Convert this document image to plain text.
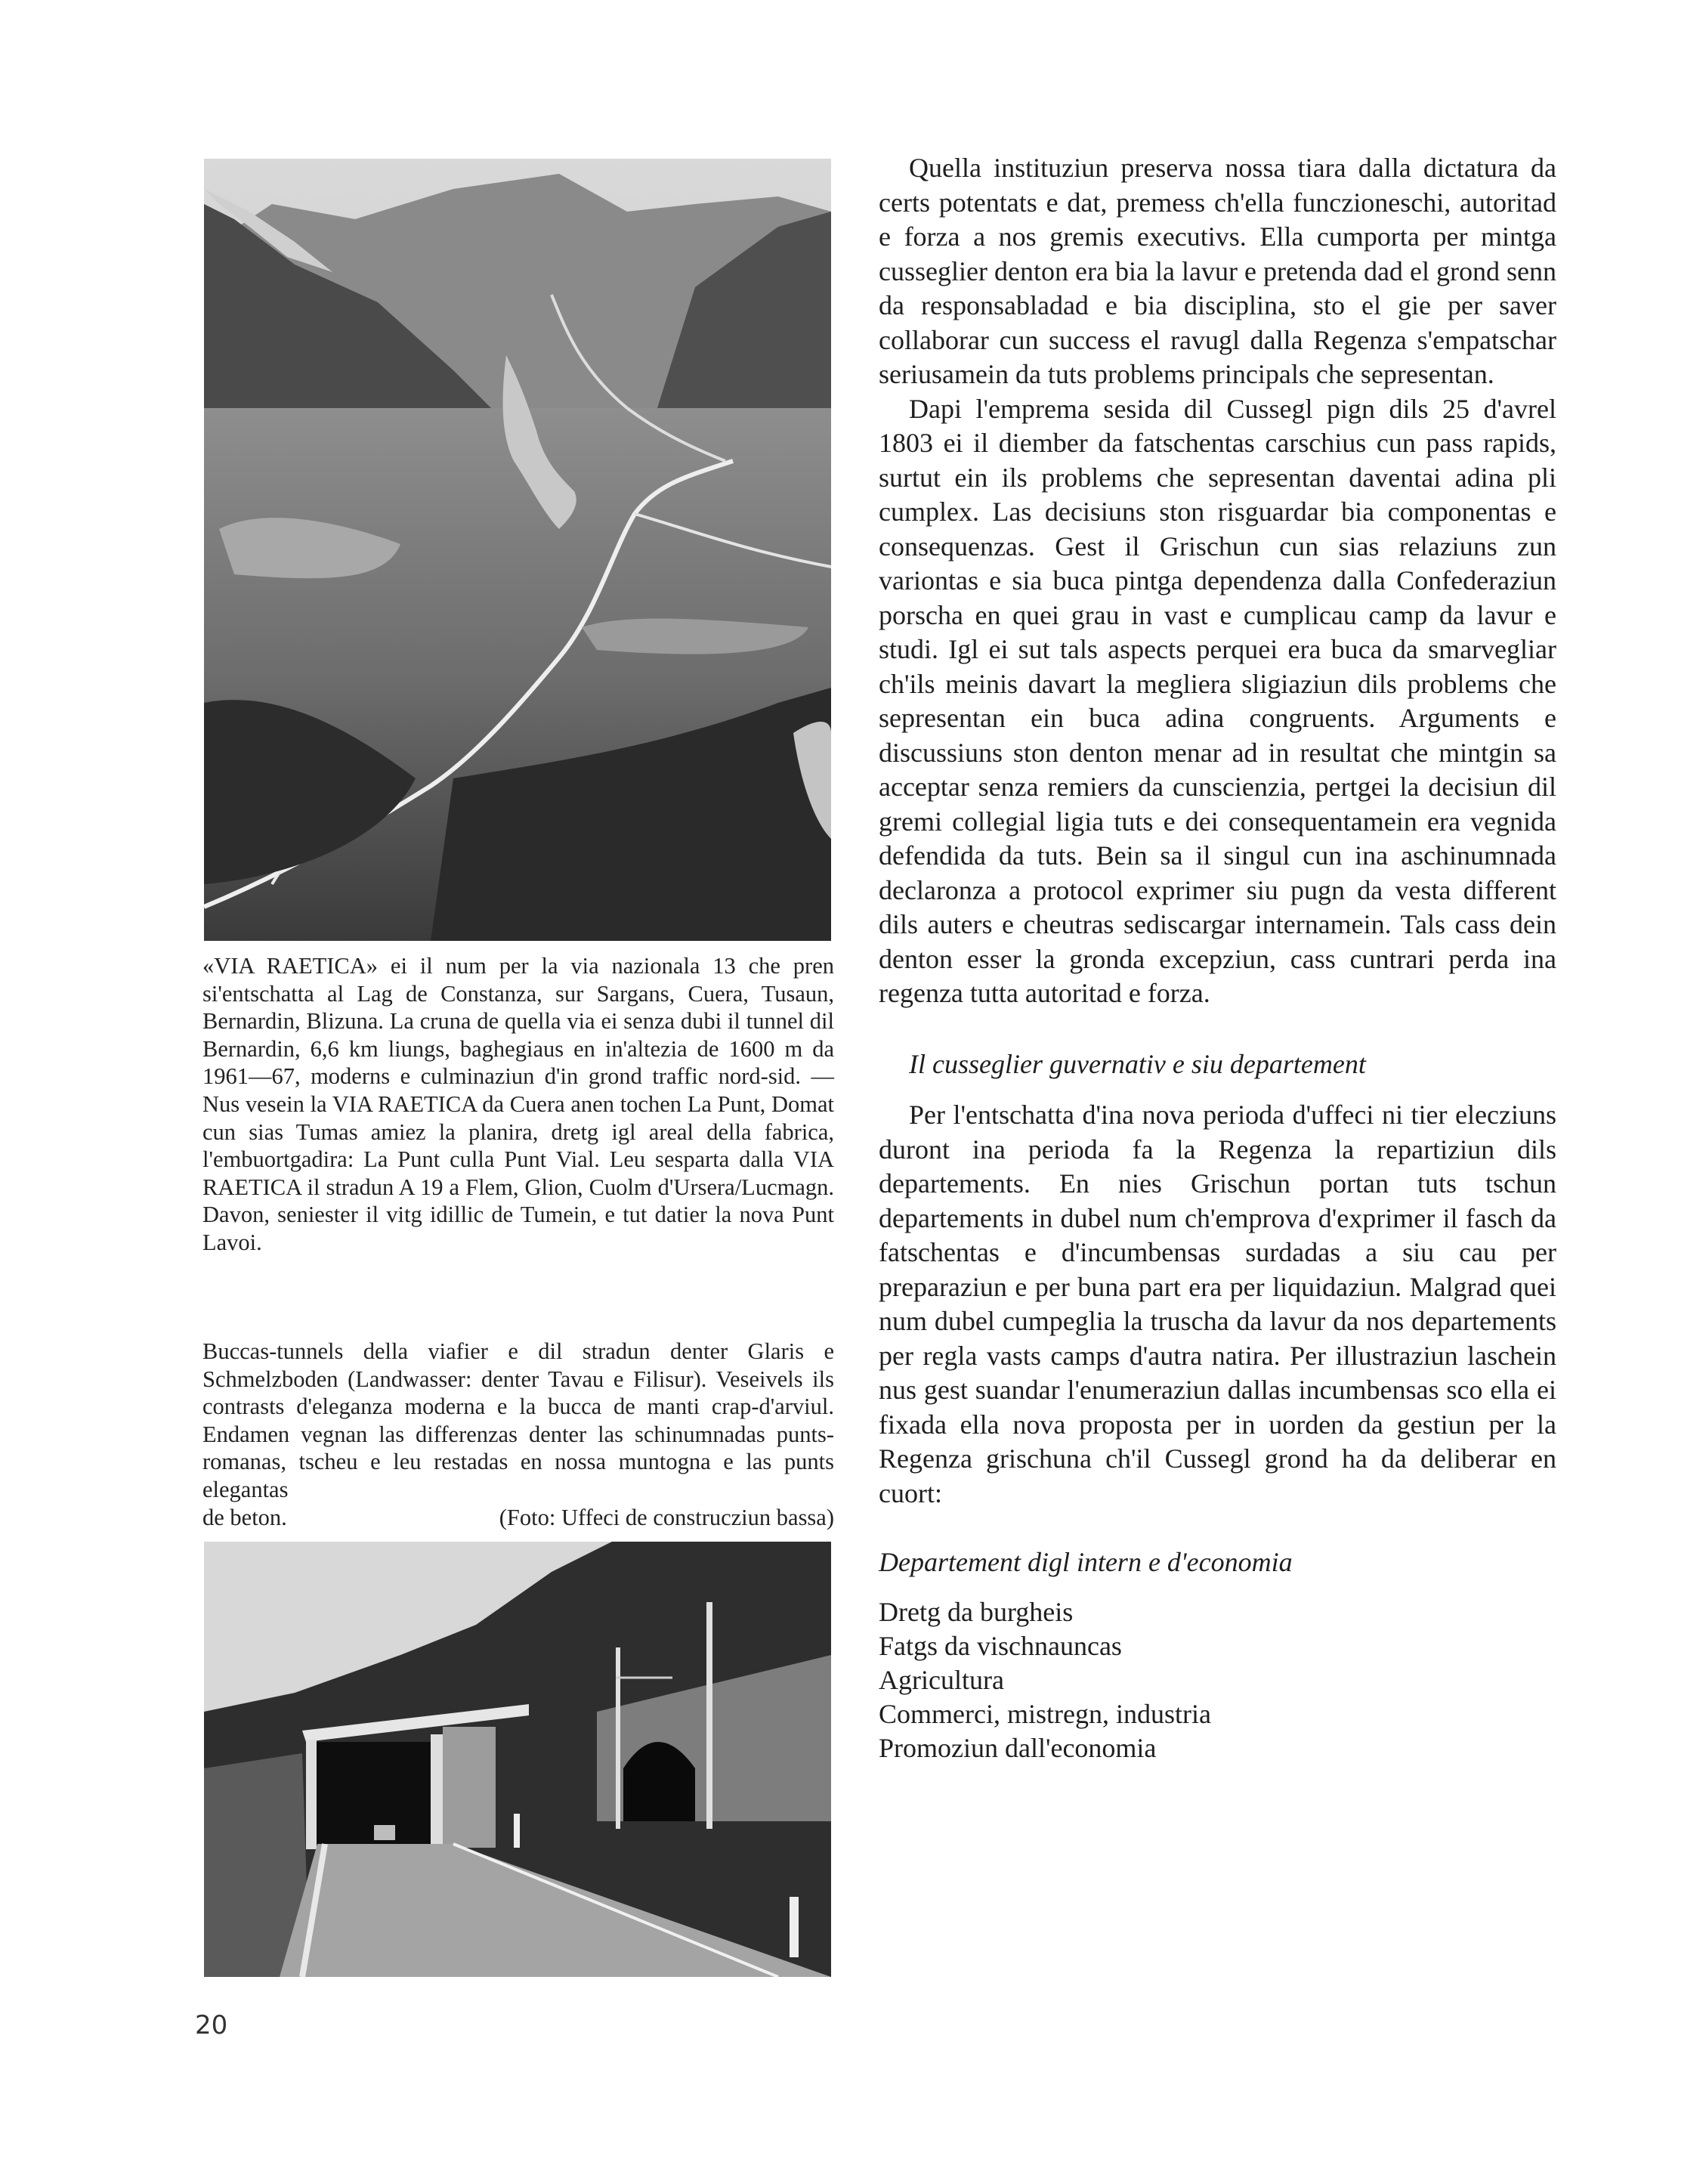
«VIA RAETICA» ei il num per la via nazionala 13 che pren si'entschatta al Lag de Constanza, sur Sargans, Cuera, Tusaun, Bernardin, Blizuna. La cruna de quella via ei senza dubi il tunnel dil Bernardin, 6,6 km liungs, baghegiaus en in'altezia de 1600 m da 1961—67, moderns e culminaziun d'in grond traffic nord-sid. — Nus vesein la VIA RAETICA da Cuera anen tochen La Punt, Domat cun sias Tumas amiez la planira, dretg igl areal della fabrica, l'embuortgadira: La Punt culla Punt Vial. Leu sesparta dalla VIA RAETICA il stradun A 19 a Flem, Glion, Cuolm d'Ursera/Lucmagn. Davon, seniester il vitg idillic de Tumein, e tut datier la nova Punt Lavoi.

Buccas-tunnels della viafier e dil stradun denter Glaris e Schmelzboden (Landwasser: denter Tavau e Filisur). Veseivels ils contrasts d'eleganza moderna e la bucca de manti crap-d'arviul. Endamen vegnan las differenzas denter las schinumnadas punts-romanas, tscheu e leu restadas en nossa muntogna e las punts elegantas

de beton.	(Foto: Uffeci de construcziun bassa)
20

Quella instituziun preserva nossa tiara dalla dictatura da certs potentats e dat, premess ch'ella funczioneschi, autoritad e forza a nos gremis executivs. Ella cumporta per mintga cusseglier denton era bia la lavur e pretenda dad el grond senn da responsabladad e bia disciplina, sto el gie per saver collaborar cun success el ravugl dalla Regenza s'empatschar seriusamein da tuts problems principals che sepresentan.

Dapi l'emprema sesida dil Cussegl pign dils 25 d'avrel 1803 ei il diember da fatschentas carschius cun pass rapids, surtut ein ils problems che sepresentan daventai adina pli cumplex. Las decisiuns ston risguardar bia componentas e consequenzas. Gest il Grischun cun sias relaziuns zun variontas e sia buca pintga dependenza dalla Confederaziun porscha en quei grau in vast e cumplicau camp da lavur e studi. Igl ei sut tals aspects perquei era buca da smarvegliar ch'ils meinis davart la megliera sligiaziun dils problems che sepresentan ein buca adina congruents. Arguments e discussiuns ston denton menar ad in resultat che mintgin sa acceptar senza remiers da cunscienzia, pertgei la decisiun dil gremi collegial ligia tuts e dei consequentamein era vegnida defendida da tuts. Bein sa il singul cun ina aschinumnada declaronza a protocol exprimer siu pugn da vesta different dils auters e cheutras sediscargar internamein. Tals cass dein denton esser la gronda excepziun, cass cuntrari perda ina regenza tutta autoritad e forza.

Il cusseglier guvernativ e siu departement

Per l'entschatta d'ina nova perioda d'uffeci ni tier elecziuns duront ina perioda fa la Regenza la repartiziun dils departements. En nies Grischun portan tuts tschun departements in dubel num ch'emprova d'exprimer il fasch da fatschentas e d'incumbensas surdadas a siu cau per preparaziun e per buna part era per liquidaziun. Malgrad quei num dubel cumpeglia la truscha da lavur da nos departements per regla vasts camps d'autra natira. Per illustraziun laschein nus gest suandar l'enumeraziun dallas incumbensas sco ella ei fixada ella nova proposta per in uorden da gestiun per la Regenza grischuna ch'il Cussegl grond ha da deliberar en cuort:

Departement digl intern e d'economia
Dretg da burgheis
Fatgs da vischnauncas
Agricultura
Commerci, mistregn, industria
Promoziun dall'economia
